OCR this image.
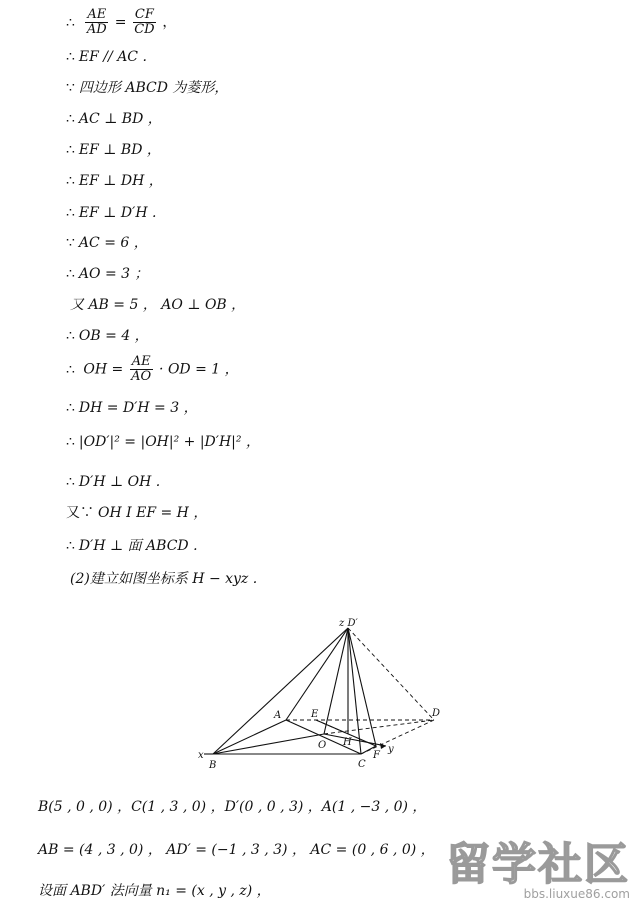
∴ $\frac{AE}{AD} = \frac{CF}{CD}$ ，
∴ EF // AC .
∵ 四边形 ABCD 为菱形，
∴ AC ⊥ BD ，
∴ EF ⊥ BD ，
∴ EF ⊥ DH ，
∴ EF ⊥ D′H .
∵ AC = 6 ，
∴ AO = 3 ；
又 AB = 5 ， AO ⊥ OB ，
∴ OB = 4 ，
∴ OH = $\frac{AE}{AO}$ · OD = 1 ，
∴ DH = D′H = 3 ，
∴ |OD′|² = |OH|² + |D′H|² ，
∴ D′H ⊥ OH .
又∵ OH I EF = H ，
∴ D′H ⊥ 面 ABCD .
(2)建立如图坐标系 H − xyz .
z D′
A	E	D
x
O H
y
B	C
F
B(5 , 0 , 0) ，C(1 , 3 , 0) ，D′(0 , 0 , 3) ，A(1 , −3 , 0) ，
AB = (4 , 3 , 0) ， AD′ = (−1 , 3 , 3) ， AC = (0 , 6 , 0) ，
设面 ABD′ 法向量 n₁ = (x , y , z) ，
留学社区
bbs.liuxue86.com
